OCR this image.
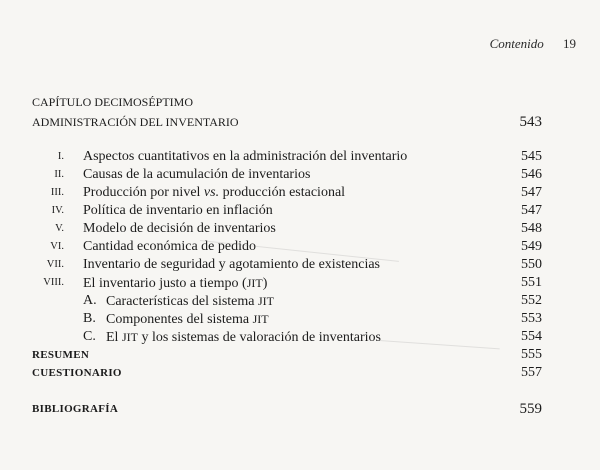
Contenido 19
CAPÍTULO DECIMOSÉPTIMO
ADMINISTRACIÓN DEL INVENTARIO	543
I. Aspectos cuantitativos en la administración del inventario	545
II. Causas de la acumulación de inventarios	546
III. Producción por nivel vs. producción estacional	547
IV. Política de inventario en inflación	547
V. Modelo de decisión de inventarios	548
VI. Cantidad económica de pedido	549
VII. Inventario de seguridad y agotamiento de existencias	550
VIII. El inventario justo a tiempo (JIT)	551
A. Características del sistema JIT	552
B. Componentes del sistema JIT	553
C. El JIT y los sistemas de valoración de inventarios	554
RESUMEN	555
CUESTIONARIO	557
BIBLIOGRAFÍA	559
